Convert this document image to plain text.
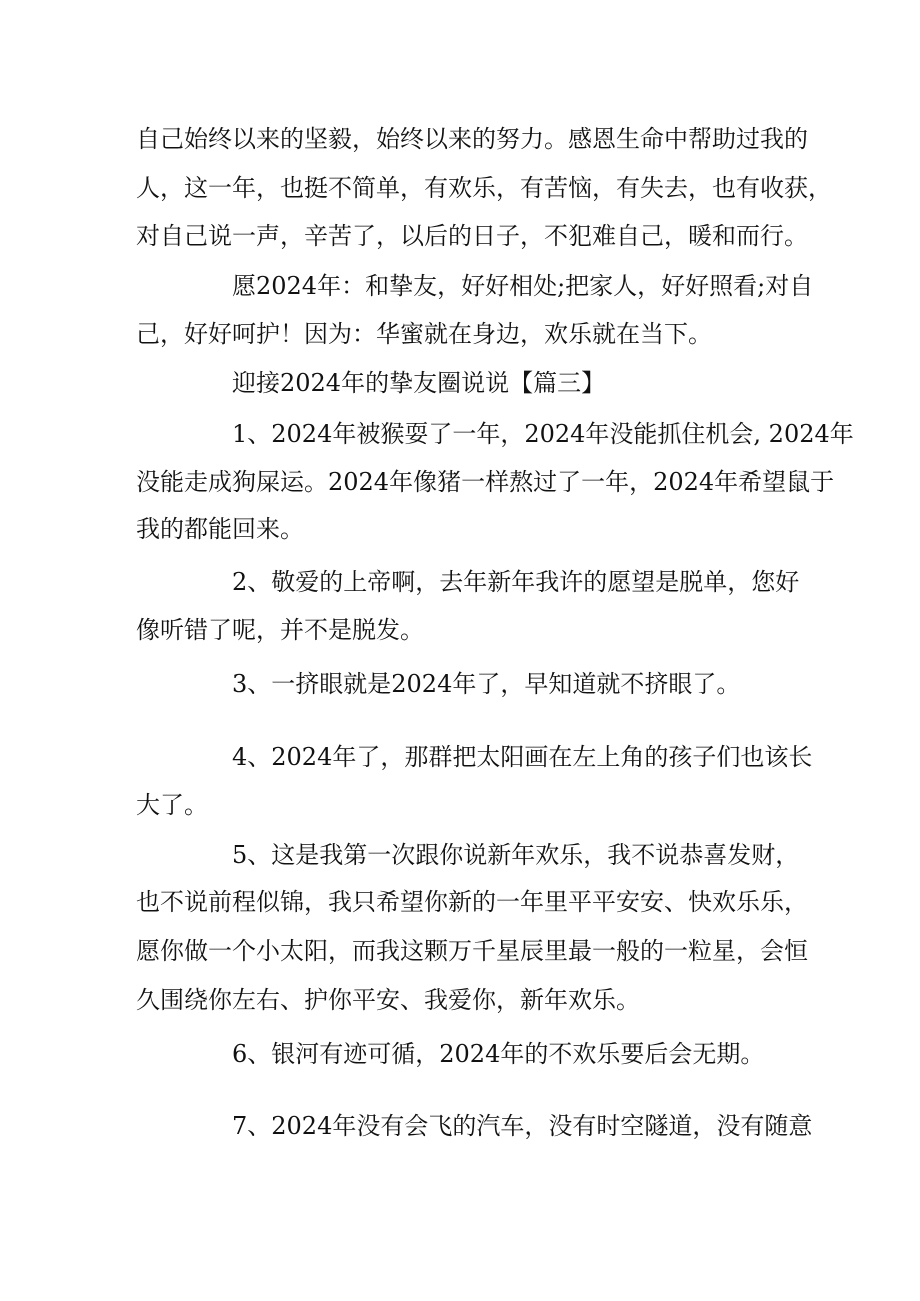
自己始终以来的坚毅，始终以来的努力。感恩生命中帮助过我的
人，这一年，也挺不简单，有欢乐，有苦恼，有失去，也有收获，
对自己说一声，辛苦了，以后的日子，不犯难自己，暖和而行。
愿2024年：和挚友，好好相处;把家人，好好照看;对自
己，好好呵护！因为：华蜜就在身边，欢乐就在当下。
迎接2024年的挚友圈说说【篇三】
1、2024年被猴耍了一年，2024年没能抓住机会, 2024年
没能走成狗屎运。2024年像猪一样熬过了一年，2024年希望鼠于
我的都能回来。
2、敬爱的上帝啊，去年新年我许的愿望是脱单，您好
像听错了呢，并不是脱发。
3、一挤眼就是2024年了，早知道就不挤眼了。
4、2024年了，那群把太阳画在左上角的孩子们也该长
大了。
5、这是我第一次跟你说新年欢乐，我不说恭喜发财，
也不说前程似锦，我只希望你新的一年里平平安安、快欢乐乐，
愿你做一个小太阳，而我这颗万千星辰里最一般的一粒星，会恒
久围绕你左右、护你平安、我爱你，新年欢乐。
6、银河有迹可循，2024年的不欢乐要后会无期。
7、2024年没有会飞的汽车，没有时空隧道，没有随意
